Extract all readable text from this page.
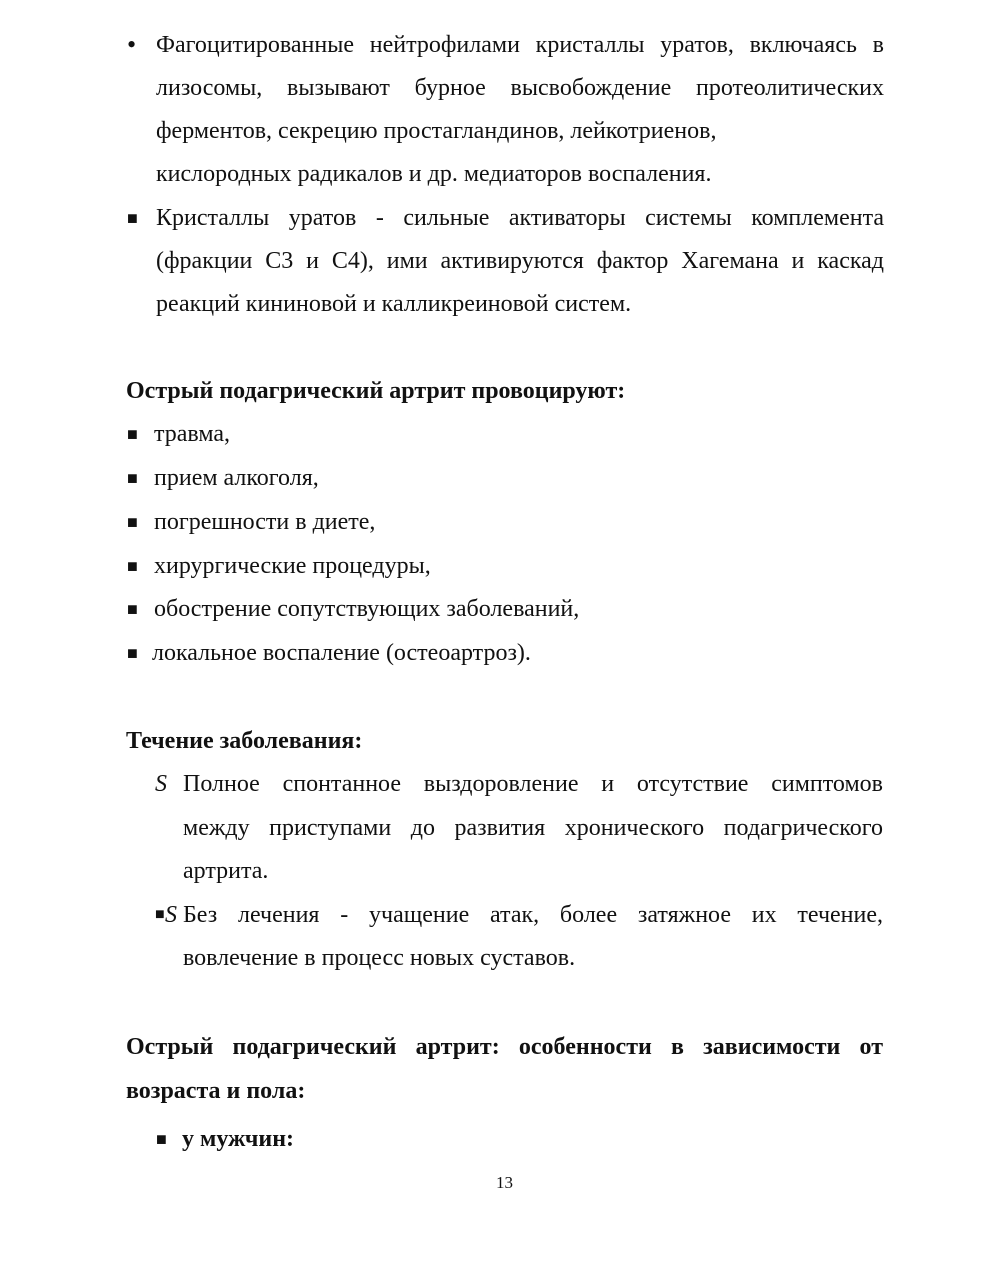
• Фагоцитированные нейтрофилами кристаллы уратов, включаясь в
лизосомы, вызывают бурное высвобождение протеолитических
ферментов, секрецию простагландинов, лейкотриенов,
кислородных радикалов и др. медиаторов воспаления.
■ Кристаллы уратов - сильные активаторы системы комплемента
(фракции С3 и С4), ими активируются фактор Хагемана и каскад
реакций кининовой и калликреиновой систем.
Острый подагрический артрит провоцируют:
■ травма,
■ прием алкоголя,
■ погрешности в диете,
■ хирургические процедуры,
■ обострение сопутствующих заболеваний,
■ локальное воспаление (остеоартроз).
Течение заболевания:
S Полное спонтанное выздоровление и отсутствие симптомов
между приступами до развития хронического подагрического
артрита.
■ S Без лечения - учащение атак, более затяжное их течение,
вовлечение в процесс новых суставов.
Острый подагрический артрит: особенности в зависимости от
возраста и пола:
■ у мужчин:
13
